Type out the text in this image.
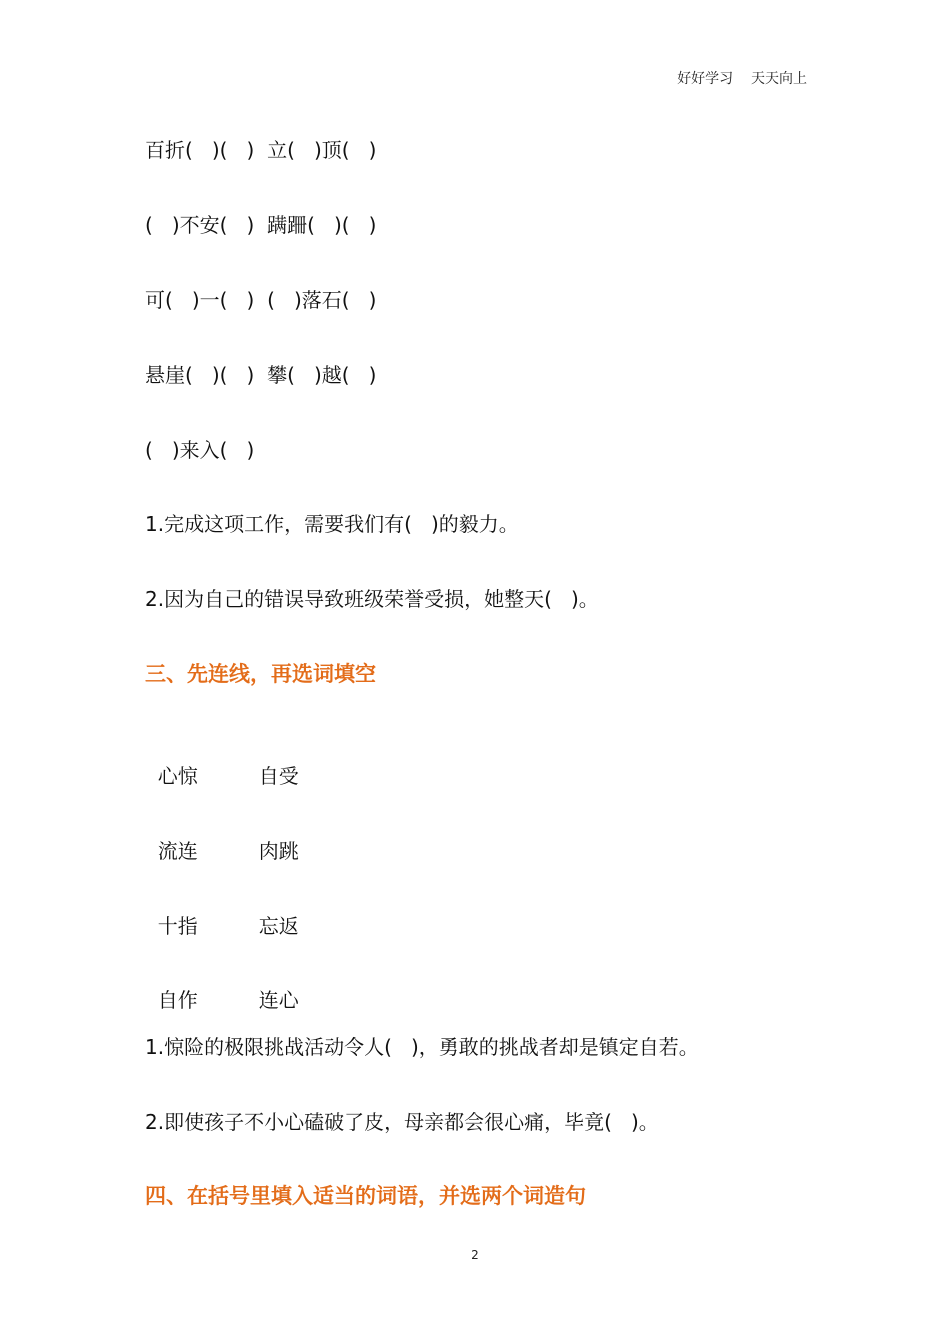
好好学习    天天向上
百折(   )(   )  立(   )顶(   )
(   )不安(   )  蹒跚(   )(   )
可(   )一(   )  (   )落石(   )
悬崖(   )(   )  攀(   )越(   )
(   )来入(   )
1.完成这项工作，需要我们有(   )的毅力。
2.因为自己的错误导致班级荣誉受损，她整天(   )。
三、先连线，再选词填空

心惊	自受

流连	肉跳

十指	忘返

自作	连心

1.惊险的极限挑战活动令人(   )，勇敢的挑战者却是镇定自若。
2.即使孩子不小心磕破了皮，母亲都会很心痛，毕竟(   )。
四、在括号里填入适当的词语，并选两个词造句
2
